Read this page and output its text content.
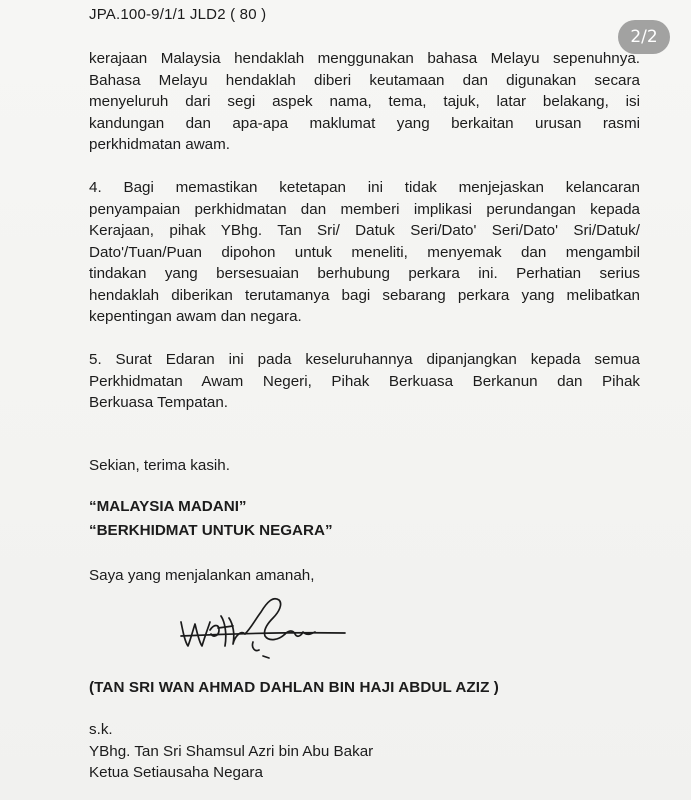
JPA.100-9/1/1 JLD2 ( 80 )
2/2

kerajaan Malaysia hendaklah menggunakan bahasa Melayu sepenuhnya.
Bahasa Melayu hendaklah diberi keutamaan dan digunakan secara
menyeluruh dari segi aspek nama, tema, tajuk, latar belakang, isi
kandungan dan apa-apa maklumat yang berkaitan urusan rasmi
perkhidmatan awam.

4. Bagi memastikan ketetapan ini tidak menjejaskan kelancaran
penyampaian perkhidmatan dan memberi implikasi perundangan kepada
Kerajaan, pihak YBhg. Tan Sri/ Datuk Seri/Dato' Seri/Dato' Sri/Datuk/
Dato'/Tuan/Puan dipohon untuk meneliti, menyemak dan mengambil
tindakan yang bersesuaian berhubung perkara ini. Perhatian serius
hendaklah diberikan terutamanya bagi sebarang perkara yang melibatkan
kepentingan awam dan negara.

5. Surat Edaran ini pada keseluruhannya dipanjangkan kepada semua
Perkhidmatan Awam Negeri, Pihak Berkuasa Berkanun dan Pihak
Berkuasa Tempatan.

Sekian, terima kasih.
“MALAYSIA MADANI”
“BERKHIDMAT UNTUK NEGARA”
Saya yang menjalankan amanah,
(TAN SRI WAN AHMAD DAHLAN BIN HAJI ABDUL AZIZ )
s.k.
YBhg. Tan Sri Shamsul Azri bin Abu Bakar
Ketua Setiausaha Negara
